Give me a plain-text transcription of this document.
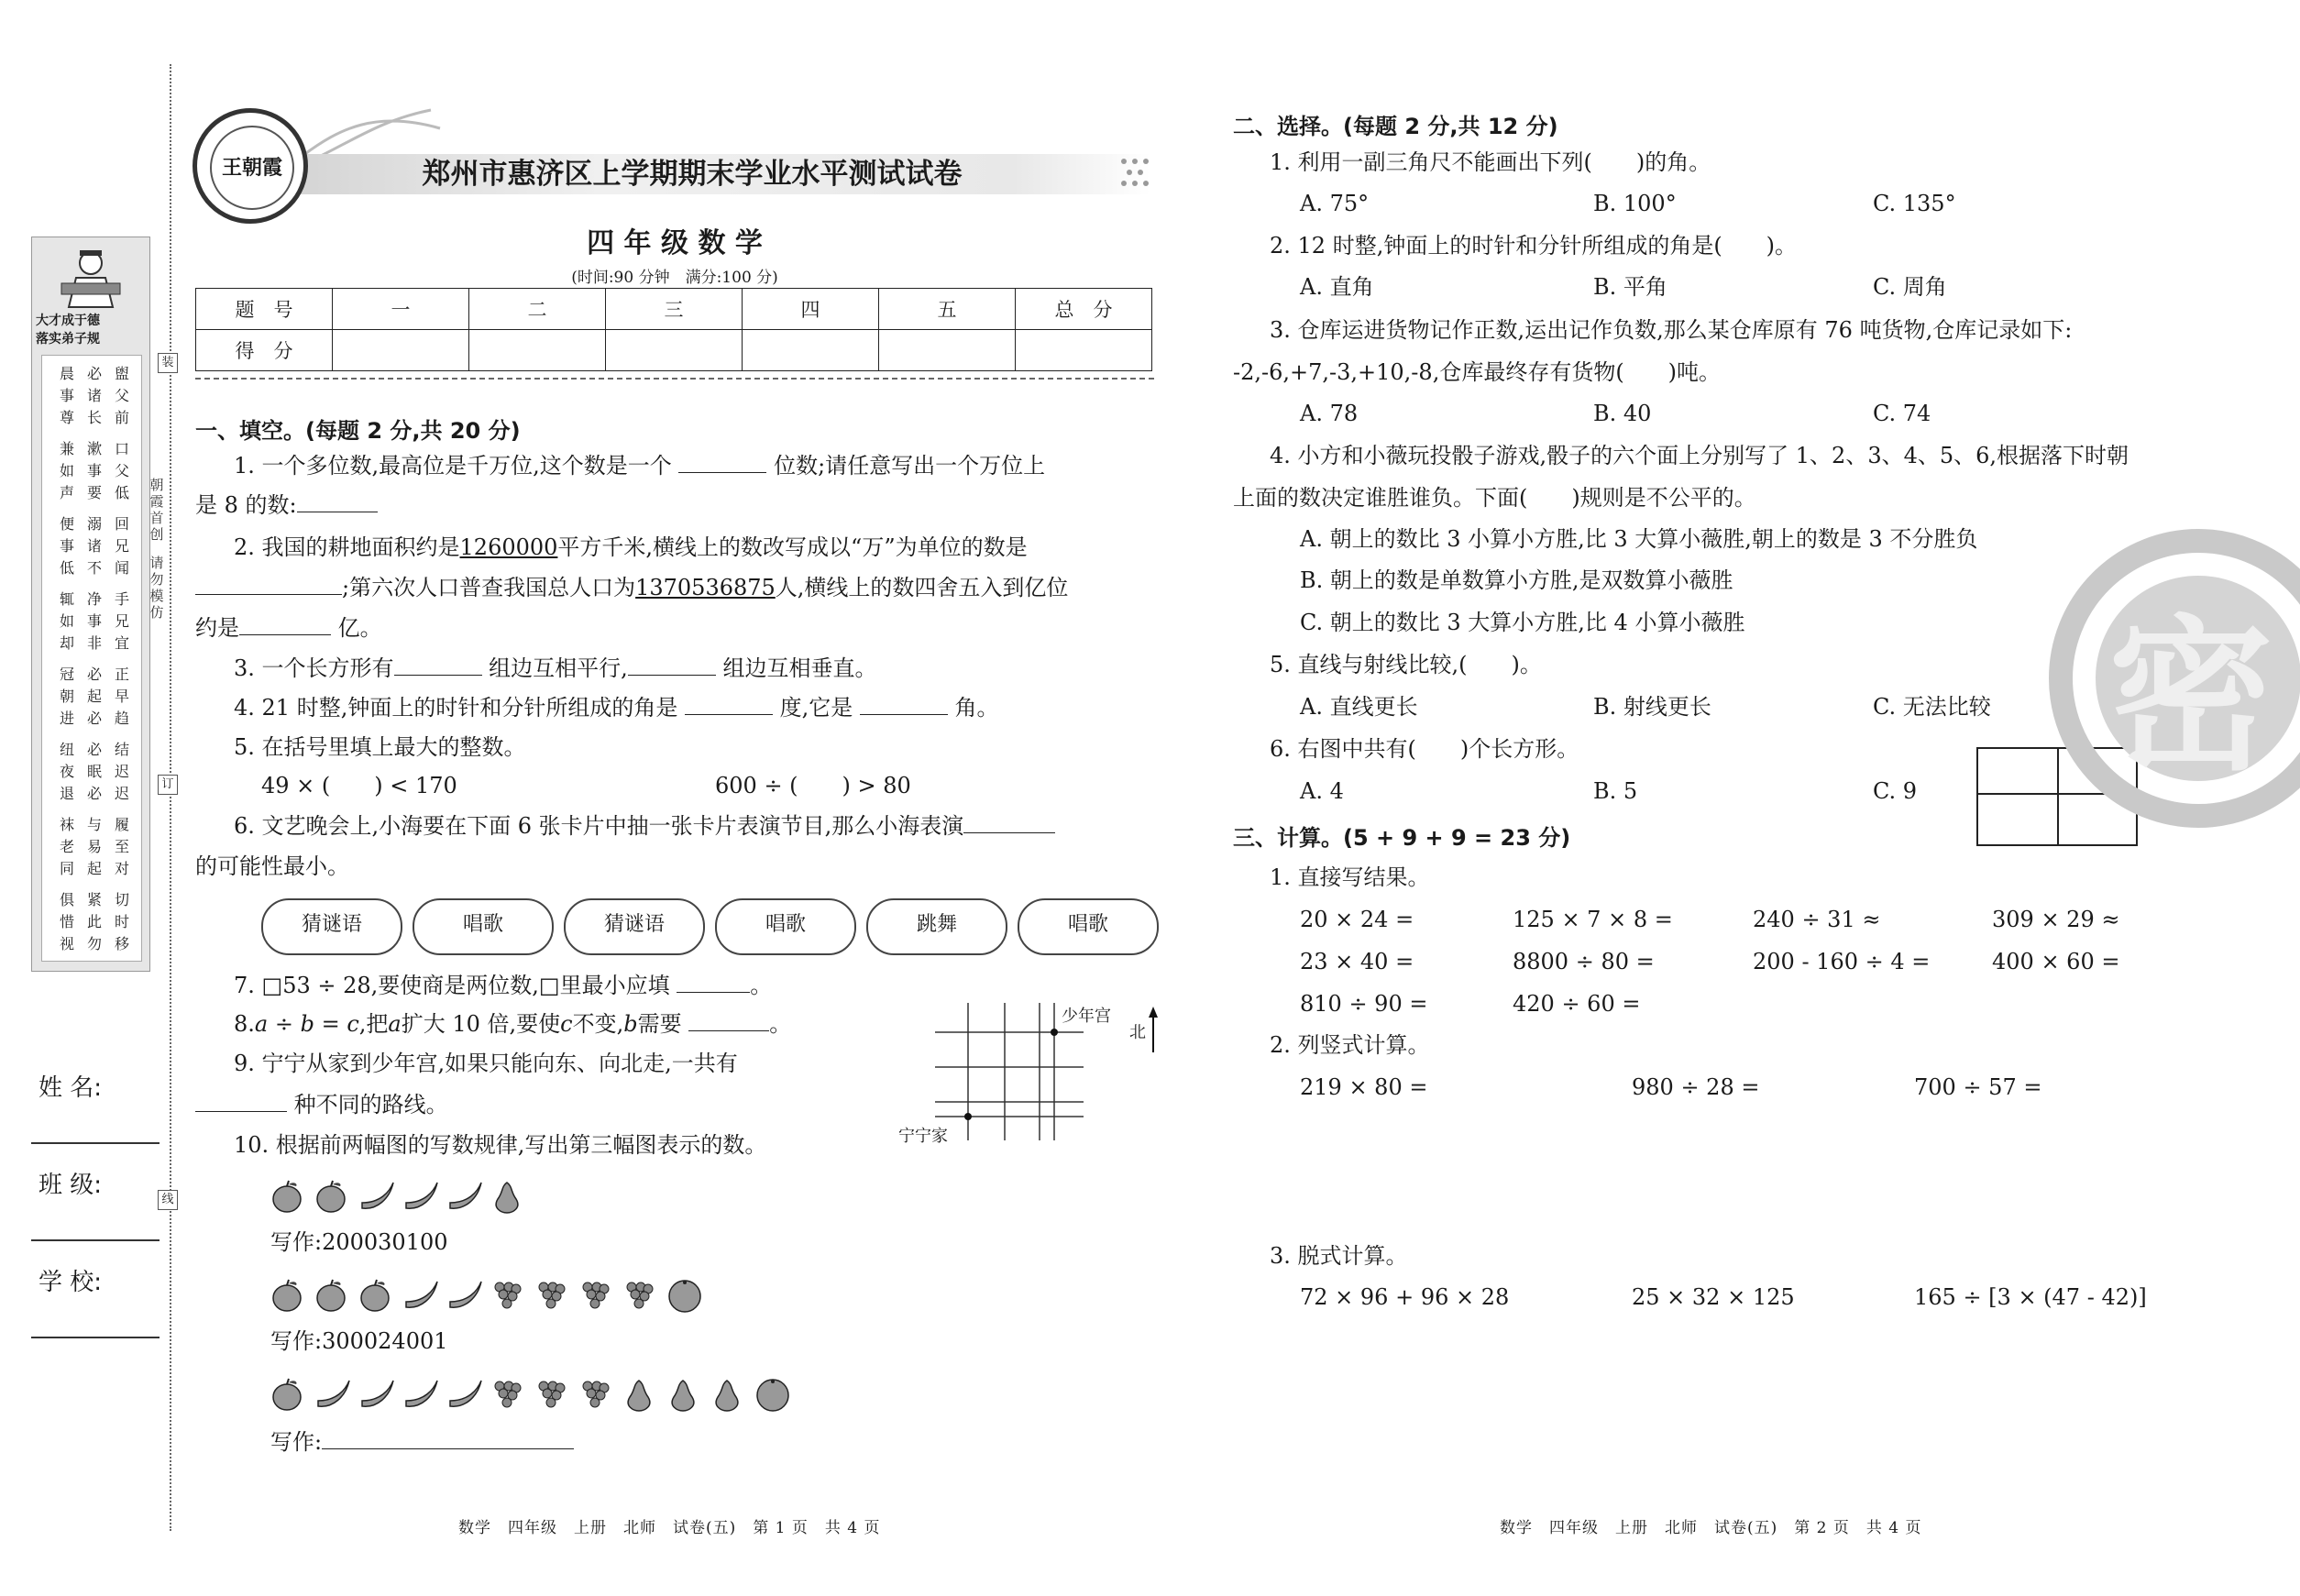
大才成于德
落实弟子规
晨
事
尊
必
诸
长
盥
父
前
兼
如
声
漱
事
要
口
父
低
便
事
低
溺
诸
不
回
兄
闻
辄
如
却
净
事
非
手
兄
宜
冠
朝
进
必
起
必
正
早
趋
纽
夜
退
必
眠
必
结
迟
迟
袜
老
同
与
易
起
履
至
对
俱
惜
视
紧
此
勿
切
时
移
朝霞首创
请勿模仿
装
订
线
姓 名:
班 级:
学 校:
郑州市惠济区上学期期末学业水平测试试卷
王朝霞
四 年 级 数 学
(时间:90 分钟　满分:100 分)
题　号	一	二	三	四	五	总　分
得　分						
一、填空。(每题 2 分,共 20 分)
1. 一个多位数,最高位是千万位,这个数是一个	位数;请任意写出一个万位上
是 8 的数:
2. 我国的耕地面积约是1260000平方千米,横线上的数改写成以“万”为单位的数是
;第六次人口普查我国总人口为1370536875人,横线上的数四舍五入到亿位
约是	亿。
3. 一个长方形有	组边互相平行,	组边互相垂直。
4. 21 时整,钟面上的时针和分针所组成的角是	度,它是	角。
5. 在括号里填上最大的整数。
49 × (　　) < 170	600 ÷ (　　) > 80
6. 文艺晚会上,小海要在下面 6 张卡片中抽一张卡片表演节目,那么小海表演
的可能性最小。
猜谜语	唱歌	猜谜语	唱歌	跳舞	唱歌
7. □53 ÷ 28,要使商是两位数,□里最小应填	。
8.a ÷ b = c,把a扩大 10 倍,要使c不变,b需要	。
9. 宁宁从家到少年宫,如果只能向东、向北走,一共有
种不同的路线。
少年宫
北
宁宁家
10. 根据前两幅图的写数规律,写出第三幅图表示的数。
写作:200030100
写作:300024001
写作:
数学　四年级　上册　北师　试卷(五)　第 1 页　共 4 页
二、选择。(每题 2 分,共 12 分)
1. 利用一副三角尺不能画出下列(　　)的角。
A. 75°	B. 100°	C. 135°
2. 12 时整,钟面上的时针和分针所组成的角是(　　)。
A. 直角	B. 平角	C. 周角
3. 仓库运进货物记作正数,运出记作负数,那么某仓库原有 76 吨货物,仓库记录如下:
-2,-6,+7,-3,+10,-8,仓库最终存有货物(　　)吨。
A. 78	B. 40	C. 74
4. 小方和小薇玩投骰子游戏,骰子的六个面上分别写了 1、2、3、4、5、6,根据落下时朝
上面的数决定谁胜谁负。下面(　　)规则是不公平的。
A. 朝上的数比 3 小算小方胜,比 3 大算小薇胜,朝上的数是 3 不分胜负
B. 朝上的数是单数算小方胜,是双数算小薇胜
C. 朝上的数比 3 大算小方胜,比 4 小算小薇胜
5. 直线与射线比较,(　　)。
A. 直线更长	B. 射线更长	C. 无法比较
6. 右图中共有(　　)个长方形。
A. 4	B. 5	C. 9 密
三、计算。(5 + 9 + 9 = 23 分)
1. 直接写结果。
20 × 24 =	125 × 7 × 8 =	240 ÷ 31 ≈	309 × 29 ≈
23 × 40 =	8800 ÷ 80 =	200 - 160 ÷ 4 =	400 × 60 =
810 ÷ 90 =	420 ÷ 60 =
2. 列竖式计算。
219 × 80 =	980 ÷ 28 =	700 ÷ 57 =
3. 脱式计算。
72 × 96 + 96 × 28	25 × 32 × 125	165 ÷ [3 × (47 - 42)]
数学　四年级　上册　北师　试卷(五)　第 2 页　共 4 页
